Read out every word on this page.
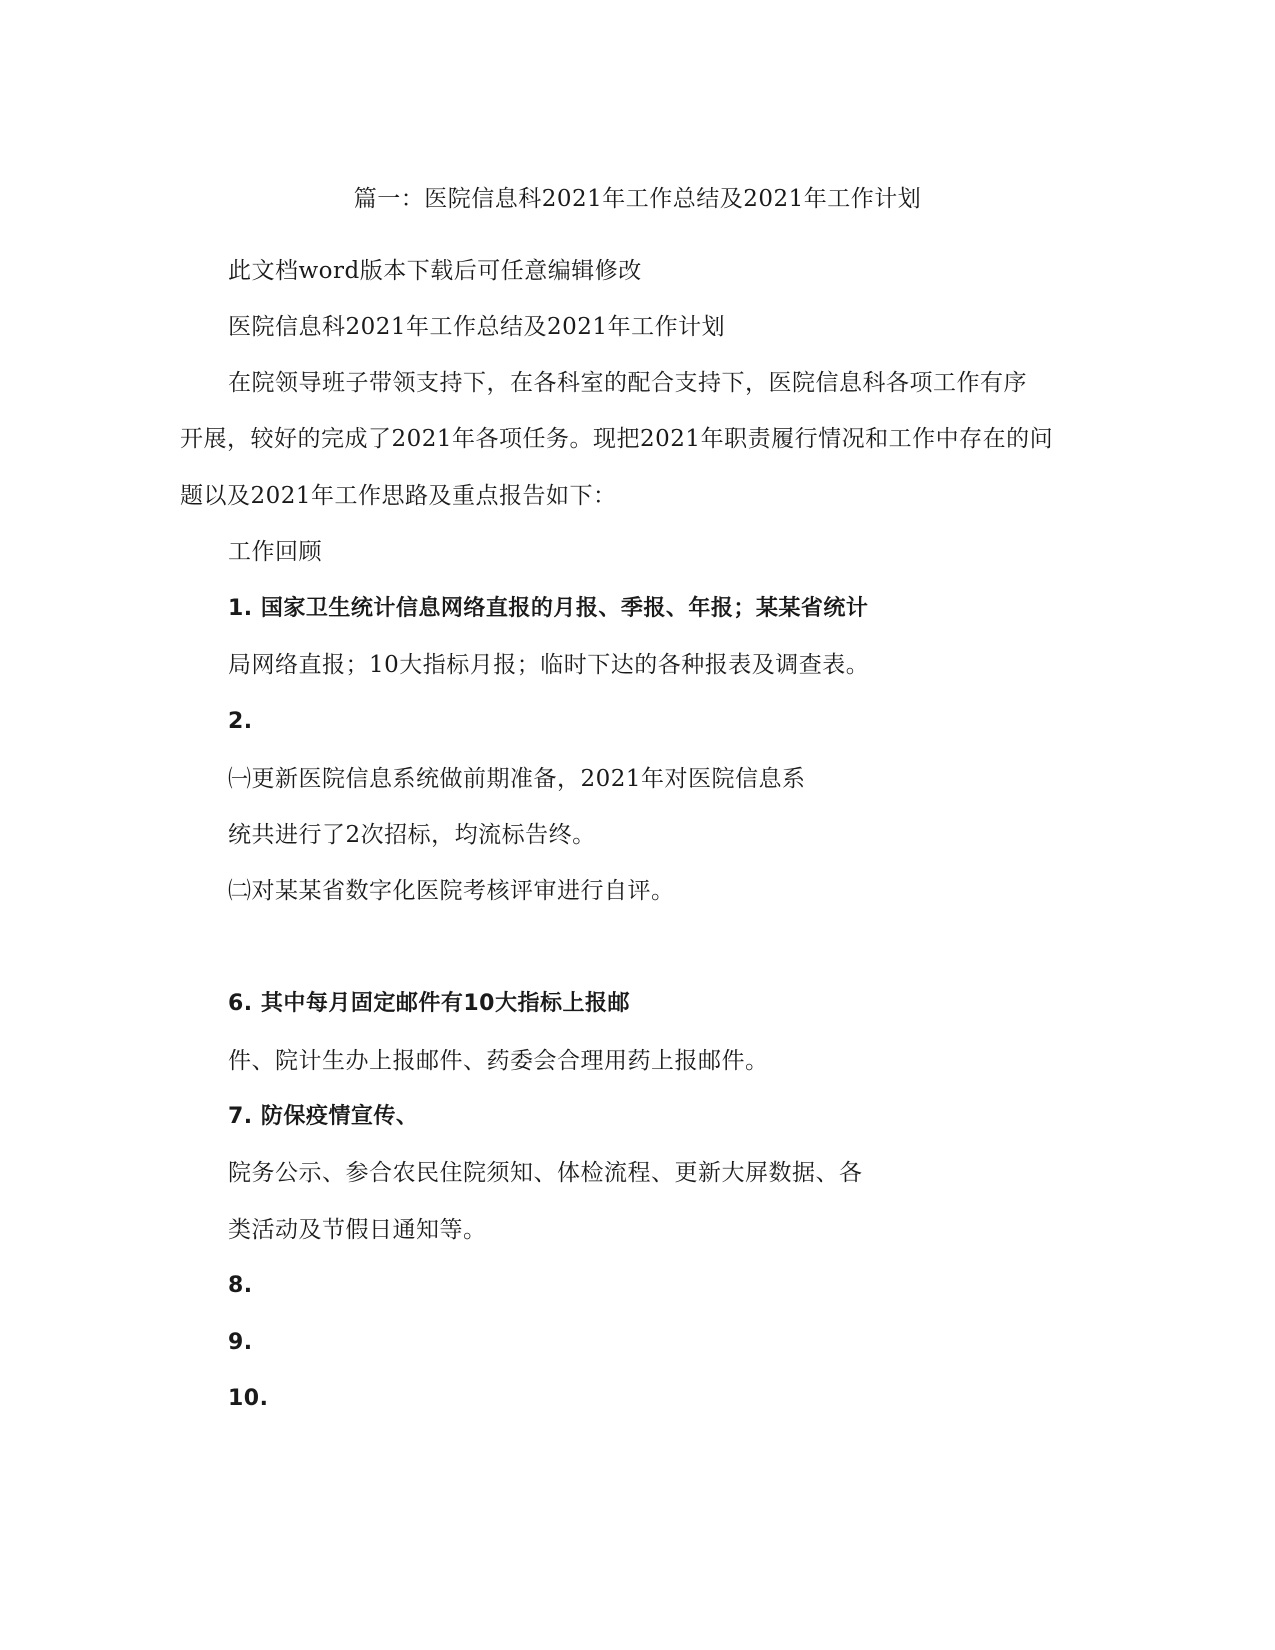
篇一：医院信息科2021年工作总结及2021年工作计划
此文档word版本下载后可任意编辑修改
医院信息科2021年工作总结及2021年工作计划
在院领导班子带领支持下，在各科室的配合支持下，医院信息科各项工作有序
开展，较好的完成了2021年各项任务。现把2021年职责履行情况和工作中存在的问
题以及2021年工作思路及重点报告如下：
工作回顾
1. 国家卫生统计信息网络直报的月报、季报、年报；某某省统计
局网络直报；10大指标月报；临时下达的各种报表及调查表。
2.
㈠更新医院信息系统做前期准备，2021年对医院信息系
统共进行了2次招标，均流标告终。
㈡对某某省数字化医院考核评审进行自评。
6. 其中每月固定邮件有10大指标上报邮
件、院计生办上报邮件、药委会合理用药上报邮件。
7. 防保疫情宣传、
院务公示、参合农民住院须知、体检流程、更新大屏数据、各
类活动及节假日通知等。
8.
9.
10.
